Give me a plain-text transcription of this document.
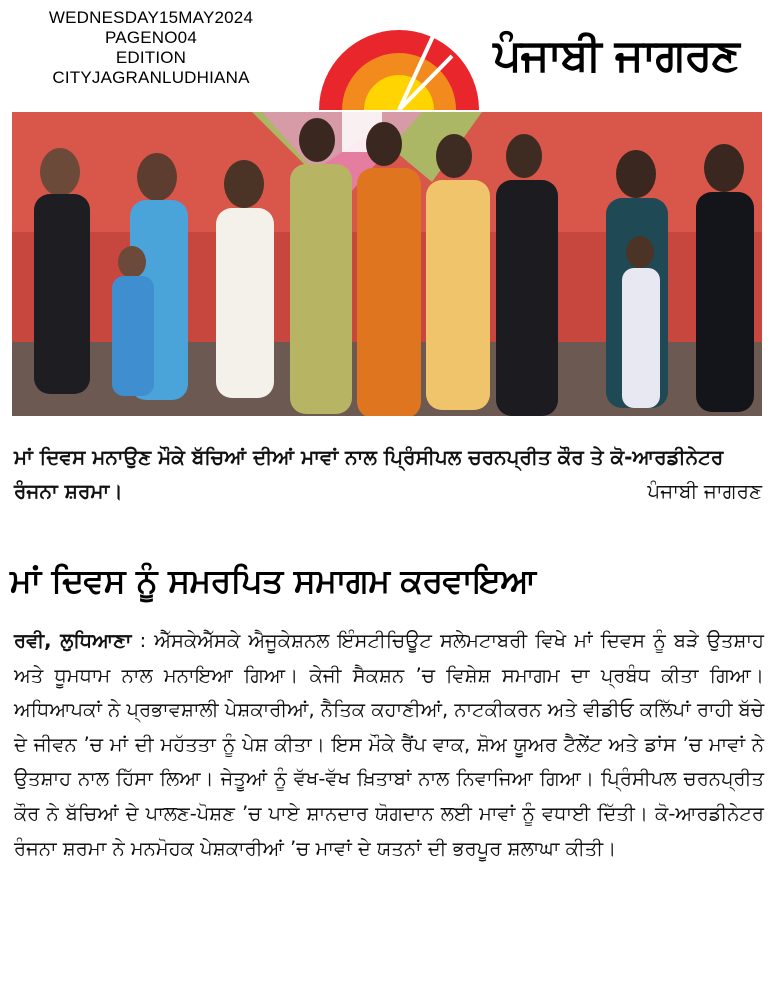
WEDNESDAY15MAY2024
PAGENO04
EDITION
CITYJAGRANLUDHIANA	ਪੰਜਾਬੀ ਜਾਗਰਣ
ਮਾਂ ਦਿਵਸ ਮਨਾਉਣ ਮੌਕੇ ਬੱਚਿਆਂ ਦੀਆਂ ਮਾਵਾਂ ਨਾਲ ਪ੍ਰਿੰਸੀਪਲ ਚਰਨਪ੍ਰੀਤ ਕੌਰ ਤੇ ਕੋ-ਆਰਡੀਨੇਟਰ ਰੰਜਨਾ ਸ਼ਰਮਾ।	ਪੰਜਾਬੀ ਜਾਗਰਣ
ਮਾਂ ਦਿਵਸ ਨੂੰ ਸਮਰਪਿਤ ਸਮਾਗਮ ਕਰਵਾਇਆ
ਰਵੀ, ਲੁਧਿਆਣਾ : ਐੱਸਕੇਐੱਸਕੇ ਐਜੂਕੇਸ਼ਨਲ ਇੰਸਟੀਚਿਊਟ ਸਲੇਮਟਾਬਰੀ ਵਿਖੇ ਮਾਂ ਦਿਵਸ ਨੂੰ ਬੜੇ ਉਤਸ਼ਾਹ ਅਤੇ ਧੂਮਧਾਮ ਨਾਲ ਮਨਾਇਆ ਗਿਆ। ਕੇਜੀ ਸੈਕਸ਼ਨ ’ਚ ਵਿਸ਼ੇਸ਼ ਸਮਾਗਮ ਦਾ ਪ੍ਰਬੰਧ ਕੀਤਾ ਗਿਆ। ਅਧਿਆਪਕਾਂ ਨੇ ਪ੍ਰਭਾਵਸ਼ਾਲੀ ਪੇਸ਼ਕਾਰੀਆਂ, ਨੈਤਿਕ ਕਹਾਣੀਆਂ, ਨਾਟਕੀਕਰਨ ਅਤੇ ਵੀਡੀਓ ਕਲਿੱਪਾਂ ਰਾਹੀ ਬੱਚੇ ਦੇ ਜੀਵਨ ’ਚ ਮਾਂ ਦੀ ਮਹੱਤਤਾ ਨੂੰ ਪੇਸ਼ ਕੀਤਾ। ਇਸ ਮੌਕੇ ਰੈਂਪ ਵਾਕ, ਸ਼ੋਅ ਯੂਅਰ ਟੈਲੇਂਟ ਅਤੇ ਡਾਂਸ ’ਚ ਮਾਵਾਂ ਨੇ ਉਤਸ਼ਾਹ ਨਾਲ ਹਿੱਸਾ ਲਿਆ। ਜੇਤੂਆਂ ਨੂੰ ਵੱਖ-ਵੱਖ ਖ਼ਿਤਾਬਾਂ ਨਾਲ ਨਿਵਾਜਿਆ ਗਿਆ। ਪ੍ਰਿੰਸੀਪਲ ਚਰਨਪ੍ਰੀਤ ਕੌਰ ਨੇ ਬੱਚਿਆਂ ਦੇ ਪਾਲਣ-ਪੋਸ਼ਣ ’ਚ ਪਾਏ ਸ਼ਾਨਦਾਰ ਯੋਗਦਾਨ ਲਈ ਮਾਵਾਂ ਨੂੰ ਵਧਾਈ ਦਿੱਤੀ। ਕੋ-ਆਰਡੀਨੇਟਰ ਰੰਜਨਾ ਸ਼ਰਮਾ ਨੇ ਮਨਮੋਹਕ ਪੇਸ਼ਕਾਰੀਆਂ ’ਚ ਮਾਵਾਂ ਦੇ ਯਤਨਾਂ ਦੀ ਭਰਪੂਰ ਸ਼ਲਾਘਾ ਕੀਤੀ।
